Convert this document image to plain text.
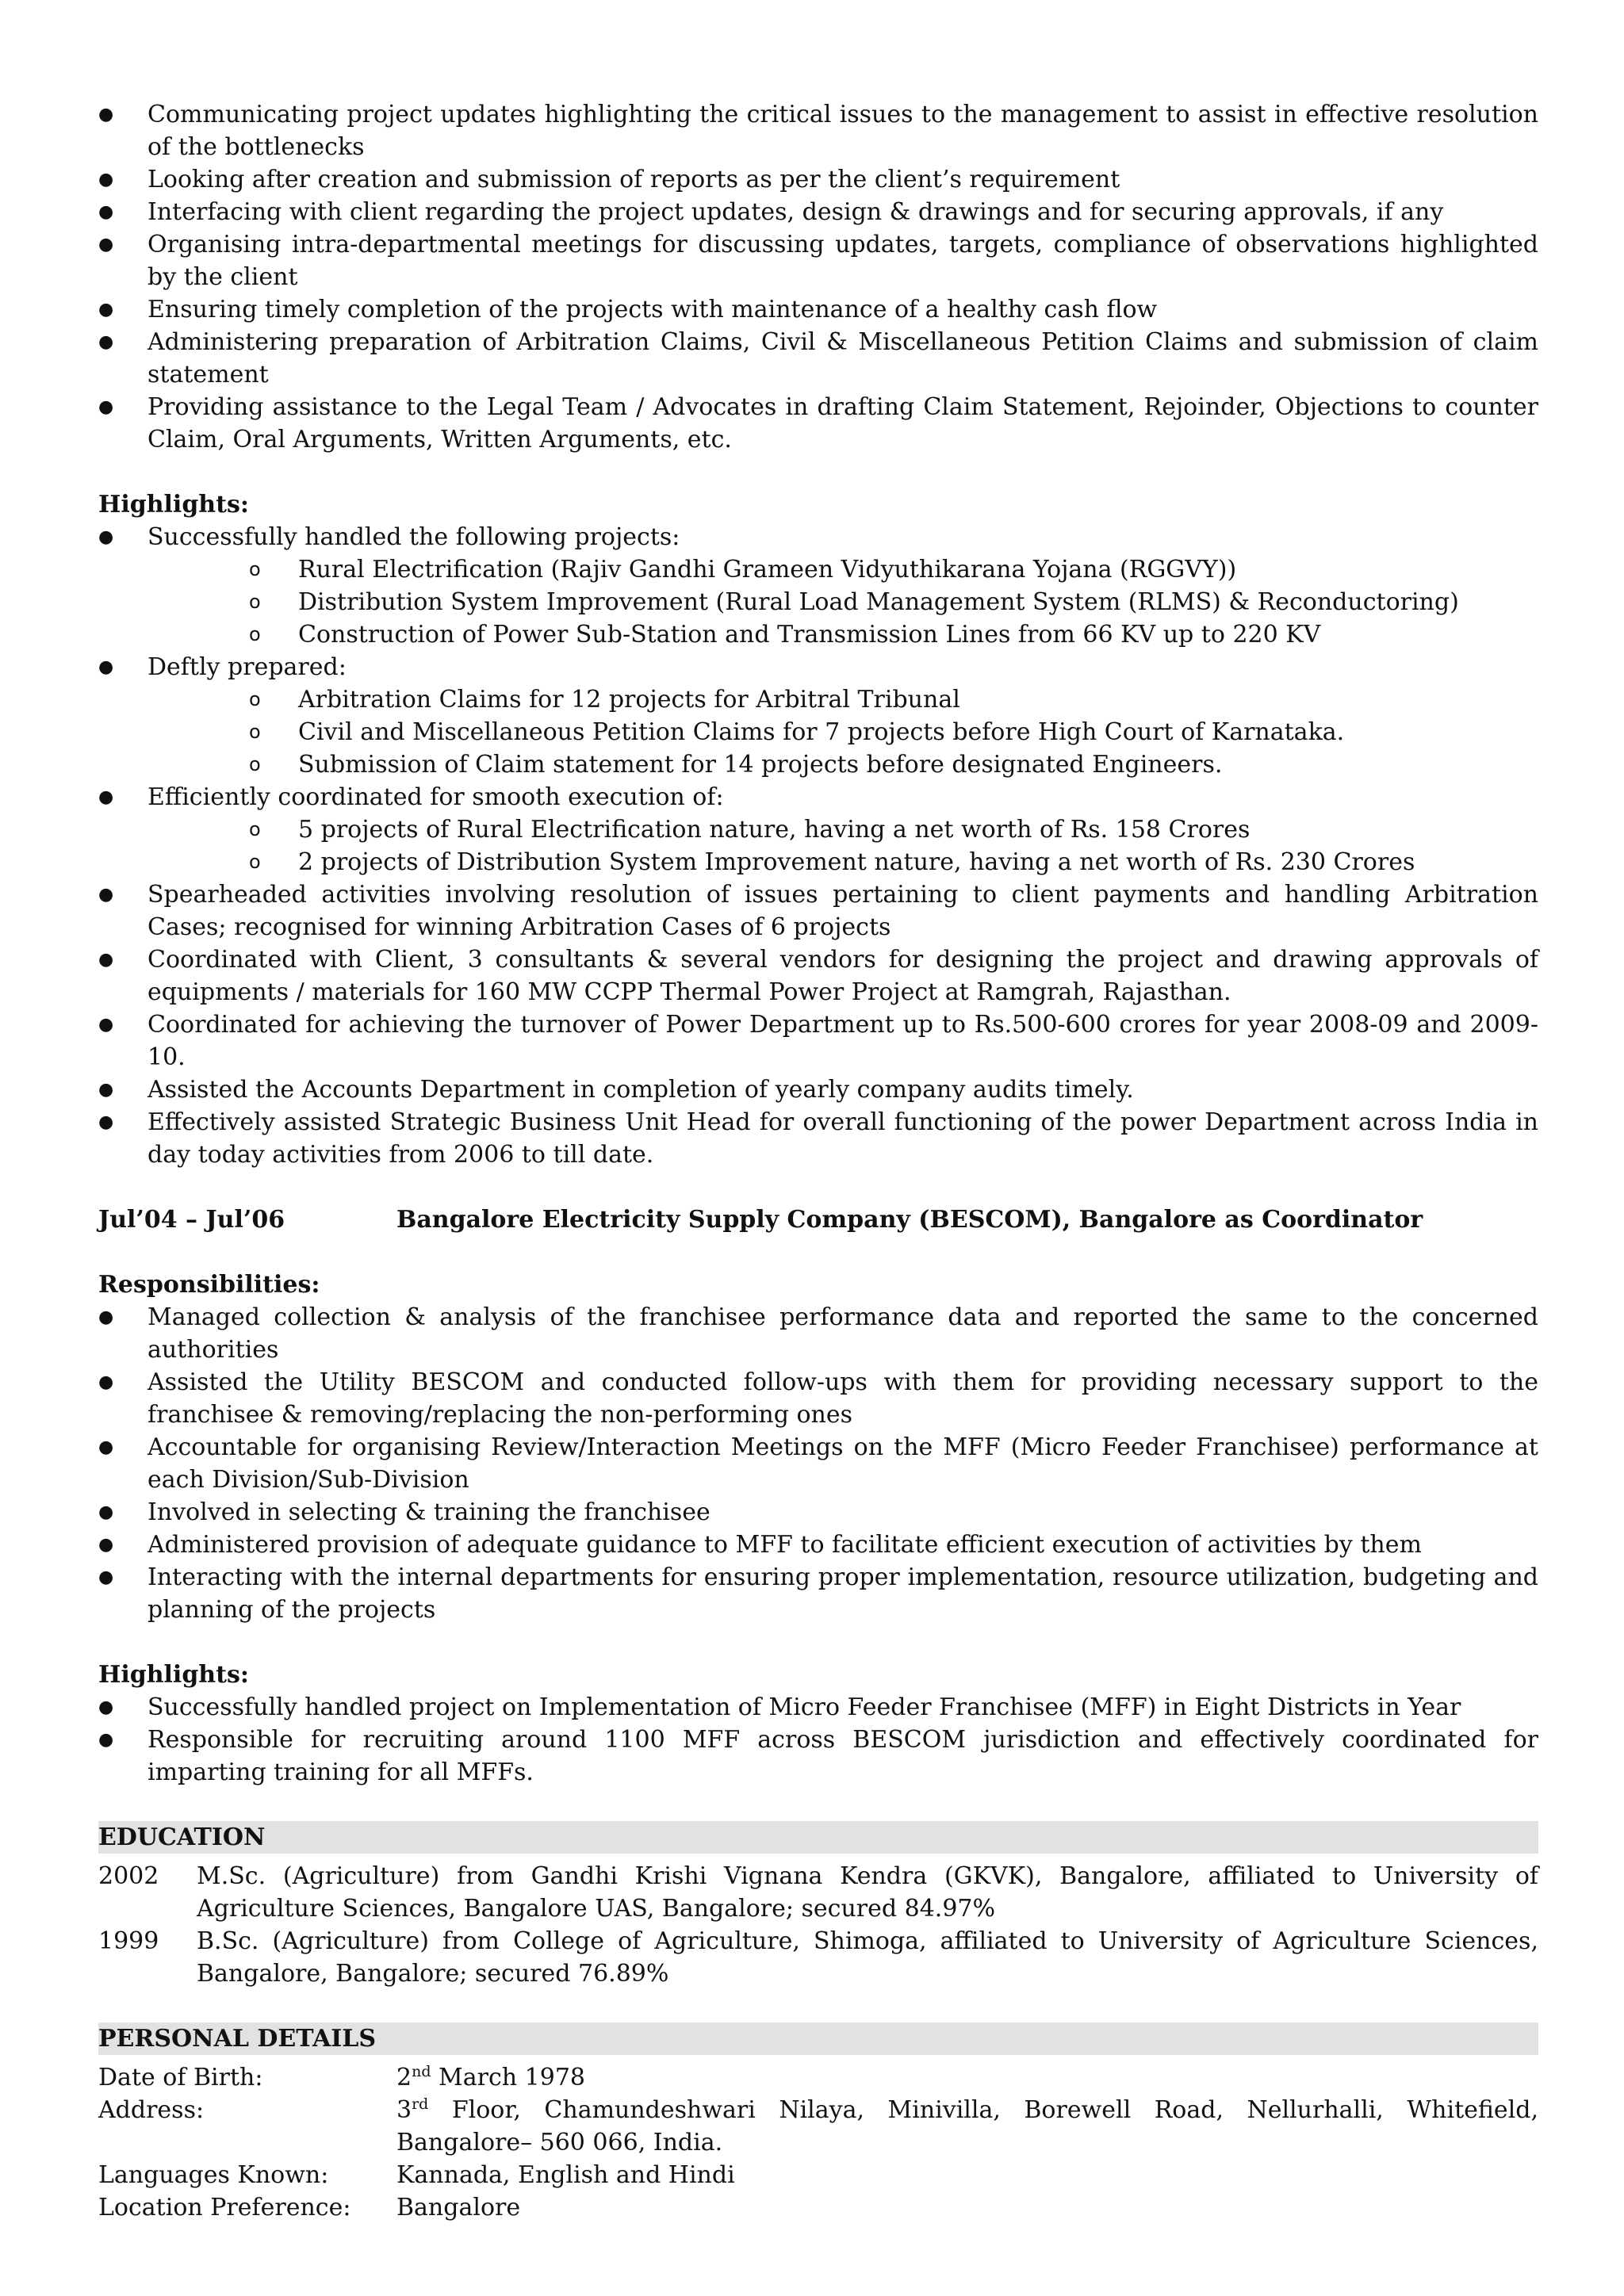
●	Communicating project updates highlighting the critical issues to the management to assist in effective resolution of the bottlenecks
●	Looking after creation and submission of reports as per the client’s requirement
●	Interfacing with client regarding the project updates, design & drawings and for securing approvals, if any
●	Organising intra-departmental meetings for discussing updates, targets, compliance of observations highlighted by the client
●	Ensuring timely completion of the projects with maintenance of a healthy cash flow
●	Administering preparation of Arbitration Claims, Civil & Miscellaneous Petition Claims and submission of claim statement
●	Providing assistance to the Legal Team / Advocates in drafting Claim Statement, Rejoinder, Objections to counter Claim, Oral Arguments, Written Arguments, etc.
Highlights:
●	Successfully handled the following projects:
o	Rural Electrification (Rajiv Gandhi Grameen Vidyuthikarana Yojana (RGGVY))
o	Distribution System Improvement (Rural Load Management System (RLMS) & Reconductoring)
o	Construction of Power Sub-Station and Transmission Lines from 66 KV up to 220 KV
●	Deftly prepared:
o	Arbitration Claims for 12 projects for Arbitral Tribunal
o	Civil and Miscellaneous Petition Claims for 7 projects before High Court of Karnataka.
o	Submission of Claim statement for 14 projects before designated Engineers.
●	Efficiently coordinated for smooth execution of:
o	5 projects of Rural Electrification nature, having a net worth of Rs. 158 Crores
o	2 projects of Distribution System Improvement nature, having a net worth of Rs. 230 Crores
●	Spearheaded activities involving resolution of issues pertaining to client payments and handling Arbitration Cases; recognised for winning Arbitration Cases of 6 projects
●	Coordinated with Client, 3 consultants & several vendors for designing the project and drawing approvals of equipments / materials for 160 MW CCPP Thermal Power Project at Ramgrah, Rajasthan.
●	Coordinated for achieving the turnover of Power Department up to Rs.500-600 crores for year 2008-09 and 2009-10.
●	Assisted the Accounts Department in completion of yearly company audits timely.
●	Effectively assisted Strategic Business Unit Head for overall functioning of the power Department across India in day today activities from 2006 to till date.
Jul’04 – Jul’06	Bangalore Electricity Supply Company (BESCOM), Bangalore as Coordinator
Responsibilities:
●	Managed collection & analysis of the franchisee performance data and reported the same to the concerned authorities
●	Assisted the Utility BESCOM and conducted follow-ups with them for providing necessary support to the franchisee & removing/replacing the non-performing ones
●	Accountable for organising Review/Interaction Meetings on the MFF (Micro Feeder Franchisee) performance at each Division/Sub-Division
●	Involved in selecting & training the franchisee
●	Administered provision of adequate guidance to MFF to facilitate efficient execution of activities by them
●	Interacting with the internal departments for ensuring proper implementation, resource utilization, budgeting and planning of the projects
Highlights:
●	Successfully handled project on Implementation of Micro Feeder Franchisee (MFF) in Eight Districts in Year
●	Responsible for recruiting around 1100 MFF across BESCOM jurisdiction and effectively coordinated for imparting training for all MFFs.
EDUCATION
2002	M.Sc. (Agriculture) from Gandhi Krishi Vignana Kendra (GKVK), Bangalore, affiliated to University of Agriculture Sciences, Bangalore UAS, Bangalore; secured 84.97%
1999	B.Sc. (Agriculture) from College of Agriculture, Shimoga, affiliated to University of Agriculture Sciences, Bangalore, Bangalore; secured 76.89%
PERSONAL DETAILS
Date of Birth:	2nd March 1978
Address:	3rd Floor, Chamundeshwari Nilaya, Minivilla, Borewell Road, Nellurhalli, Whitefield, Bangalore– 560 066, India.
Languages Known:	Kannada, English and Hindi
Location Preference:	Bangalore
